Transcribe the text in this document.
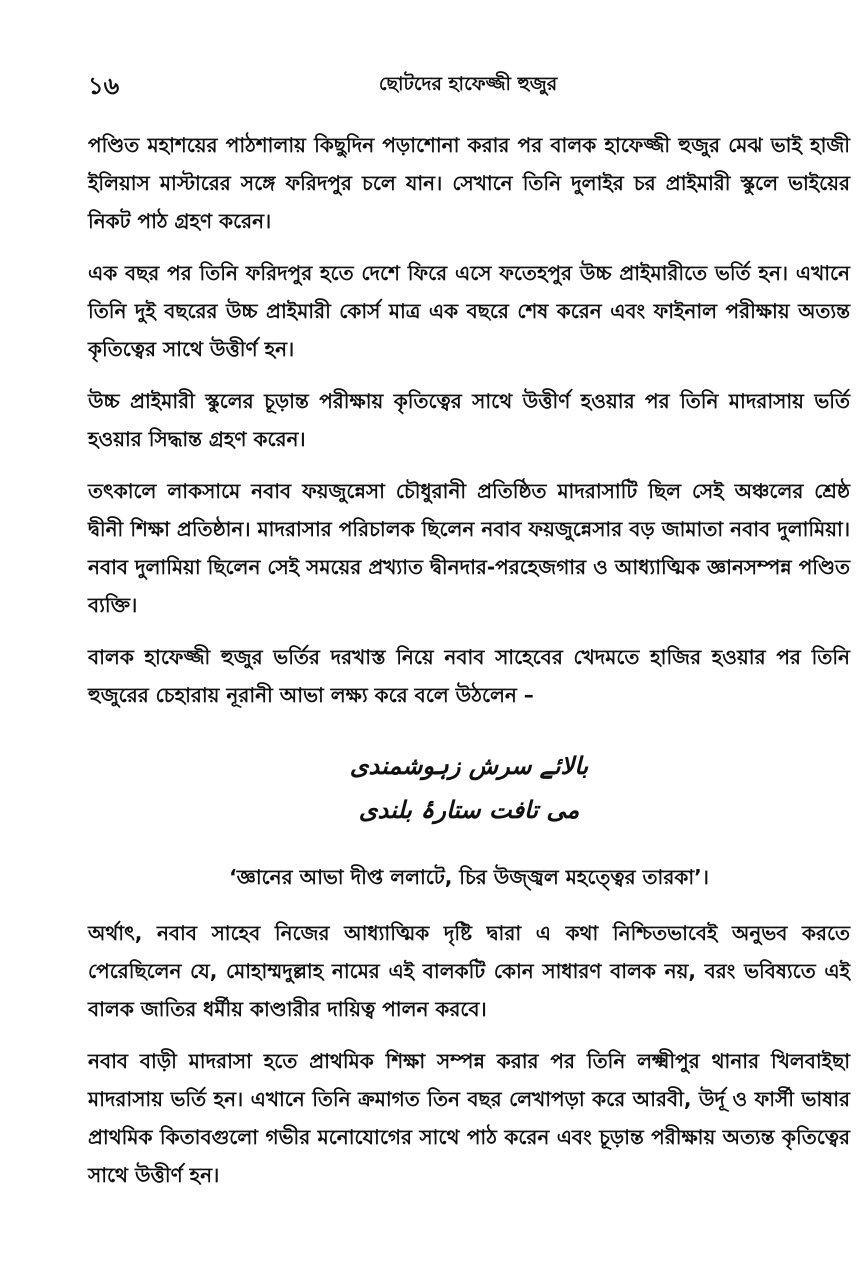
১৬	ছোটদের হাফেজ্জী হুজুর

পণ্ডিত মহাশয়ের পাঠশালায় কিছুদিন পড়াশোনা করার পর বালক হাফেজ্জী হুজুর মেঝ ভাই হাজী ইলিয়াস মাস্টারের সঙ্গে ফরিদপুর চলে যান। সেখানে তিনি দুলাইর চর প্রাইমারী স্কুলে ভাইয়ের নিকট পাঠ গ্রহণ করেন।

এক বছর পর তিনি ফরিদপুর হতে দেশে ফিরে এসে ফতেহপুর উচ্চ প্রাইমারীতে ভর্তি হন। এখানে তিনি দুই বছরের উচ্চ প্রাইমারী কোর্স মাত্র এক বছরে শেষ করেন এবং ফাইনাল পরীক্ষায় অত্যন্ত কৃতিত্বের সাথে উত্তীর্ণ হন।

উচ্চ প্রাইমারী স্কুলের চূড়ান্ত পরীক্ষায় কৃতিত্বের সাথে উত্তীর্ণ হওয়ার পর তিনি মাদরাসায় ভর্তি হওয়ার সিদ্ধান্ত গ্রহণ করেন।

তৎকালে লাকসামে নবাব ফয়জুন্নেসা চৌধুরানী প্রতিষ্ঠিত মাদরাসাটি ছিল সেই অঞ্চলের শ্রেষ্ঠ দ্বীনী শিক্ষা প্রতিষ্ঠান। মাদরাসার পরিচালক ছিলেন নবাব ফয়জুন্নেসার বড় জামাতা নবাব দুলামিয়া। নবাব দুলামিয়া ছিলেন সেই সময়ের প্রখ্যাত দ্বীনদার-পরহেজগার ও আধ্যাত্মিক জ্ঞানসম্পন্ন পণ্ডিত ব্যক্তি।

বালক হাফেজ্জী হুজুর ভর্তির দরখাস্ত নিয়ে নবাব সাহেবের খেদমতে হাজির হওয়ার পর তিনি হুজুরের চেহারায় নূরানী আভা লক্ষ্য করে বলে উঠলেন –

بالائے سرش زہوشمندی
می تافت ستارۂ بلندی
‘জ্ঞানের আভা দীপ্ত ললাটে, চির উজ্জ্বল মহত্ত্বের তারকা’।

অর্থাৎ, নবাব সাহেব নিজের আধ্যাত্মিক দৃষ্টি দ্বারা এ কথা নিশ্চিতভাবেই অনুভব করতে পেরেছিলেন যে, মোহাম্মদুল্লাহ নামের এই বালকটি কোন সাধারণ বালক নয়, বরং ভবিষ্যতে এই বালক জাতির ধর্মীয় কাণ্ডারীর দায়িত্ব পালন করবে।

নবাব বাড়ী মাদরাসা হতে প্রাথমিক শিক্ষা সম্পন্ন করার পর তিনি লক্ষ্মীপুর থানার খিলবাইছা মাদরাসায় ভর্তি হন। এখানে তিনি ক্রমাগত তিন বছর লেখাপড়া করে আরবী, উর্দূ ও ফার্সী ভাষার প্রাথমিক কিতাবগুলো গভীর মনোযোগের সাথে পাঠ করেন এবং চূড়ান্ত পরীক্ষায় অত্যন্ত কৃতিত্বের সাথে উত্তীর্ণ হন।
